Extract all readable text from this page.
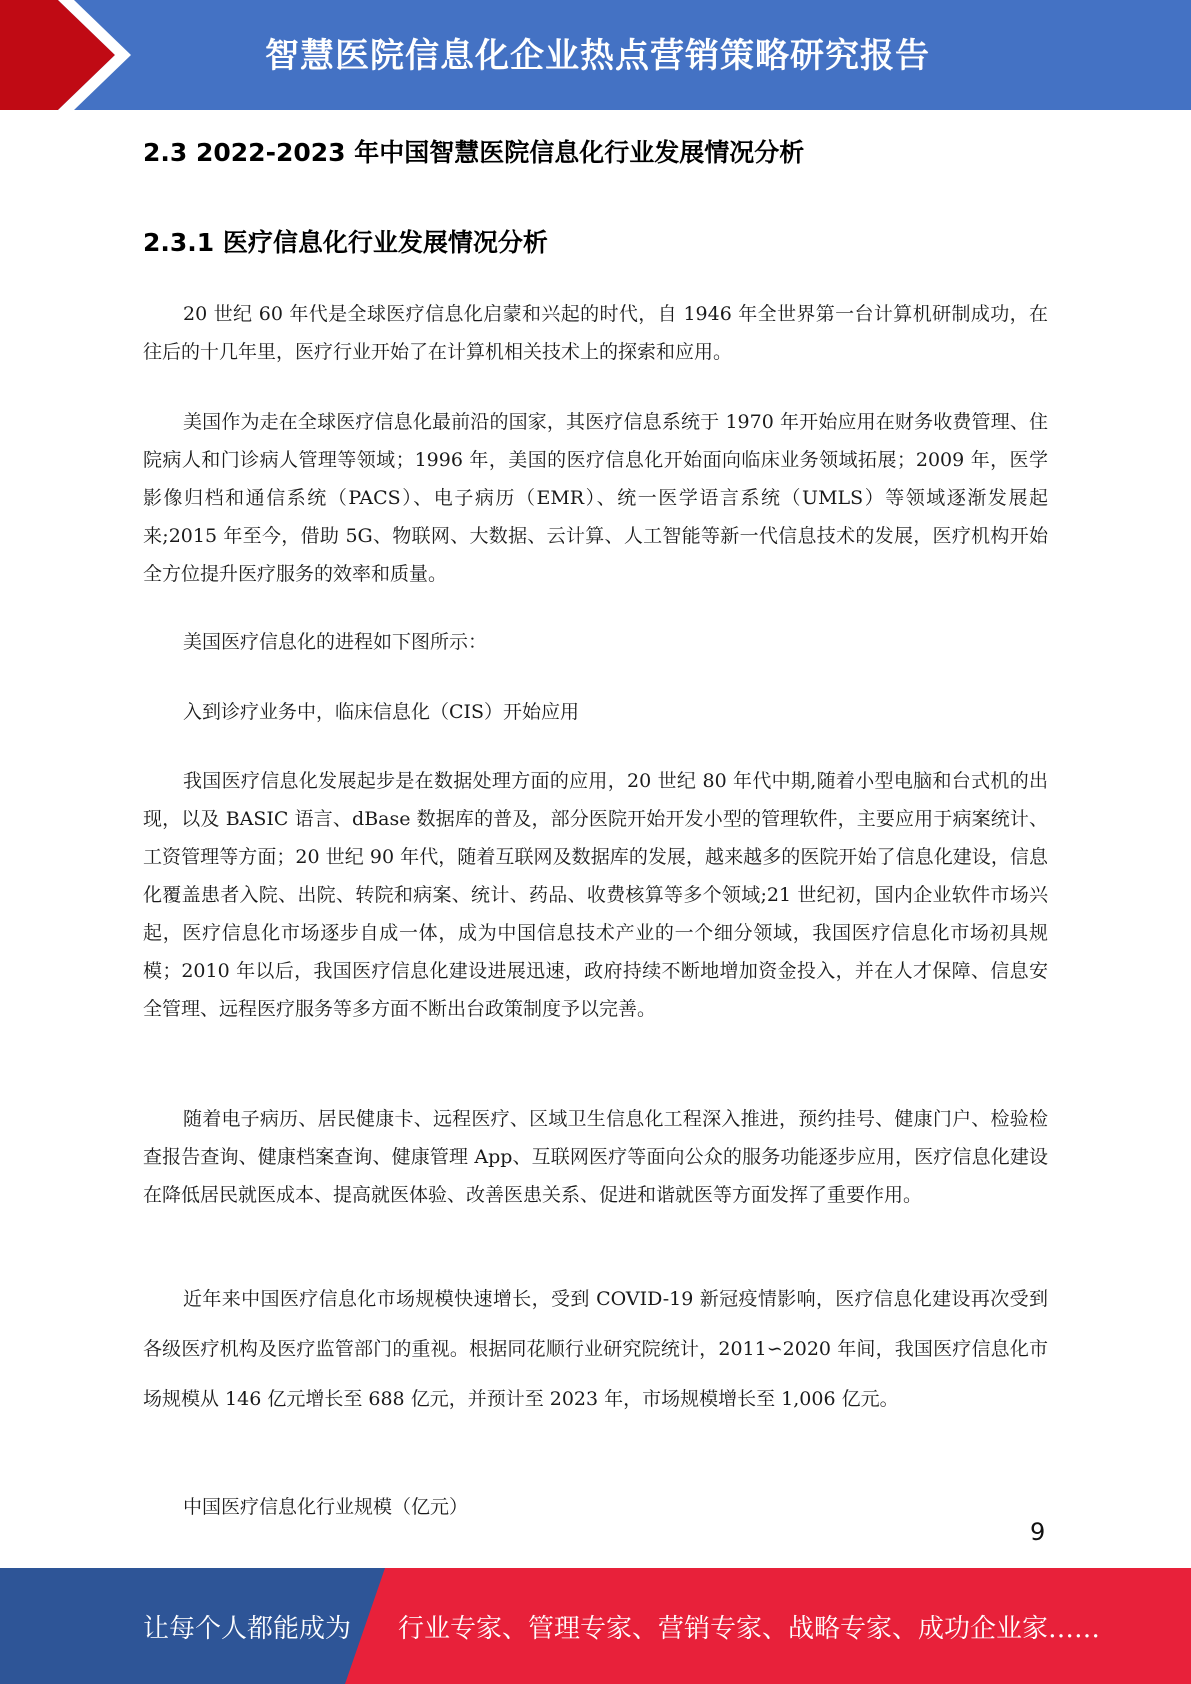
智慧医院信息化企业热点营销策略研究报告
2.3 2022-2023 年中国智慧医院信息化行业发展情况分析
2.3.1 医疗信息化行业发展情况分析

20 世纪 60 年代是全球医疗信息化启蒙和兴起的时代，自 1946 年全世界第一台计算机研制成功，在往后的十几年里，医疗行业开始了在计算机相关技术上的探索和应用。

美国作为走在全球医疗信息化最前沿的国家，其医疗信息系统于 1970 年开始应用在财务收费管理、住院病人和门诊病人管理等领域；1996 年，美国的医疗信息化开始面向临床业务领域拓展；2009 年，医学影像归档和通信系统（PACS）、电子病历（EMR）、统一医学语言系统（UMLS）等领域逐渐发展起来;2015 年至今，借助 5G、物联网、大数据、云计算、人工智能等新一代信息技术的发展，医疗机构开始全方位提升医疗服务的效率和质量。

美国医疗信息化的进程如下图所示：

入到诊疗业务中，临床信息化（CIS）开始应用

我国医疗信息化发展起步是在数据处理方面的应用，20 世纪 80 年代中期,随着小型电脑和台式机的出现，以及 BASIC 语言、dBase 数据库的普及，部分医院开始开发小型的管理软件，主要应用于病案统计、工资管理等方面；20 世纪 90 年代，随着互联网及数据库的发展，越来越多的医院开始了信息化建设，信息化覆盖患者入院、出院、转院和病案、统计、药品、收费核算等多个领域;21 世纪初，国内企业软件市场兴起，医疗信息化市场逐步自成一体，成为中国信息技术产业的一个细分领域，我国医疗信息化市场初具规模；2010 年以后，我国医疗信息化建设进展迅速，政府持续不断地增加资金投入，并在人才保障、信息安全管理、远程医疗服务等多方面不断出台政策制度予以完善。

随着电子病历、居民健康卡、远程医疗、区域卫生信息化工程深入推进，预约挂号、健康门户、检验检查报告查询、健康档案查询、健康管理 App、互联网医疗等面向公众的服务功能逐步应用，医疗信息化建设在降低居民就医成本、提高就医体验、改善医患关系、促进和谐就医等方面发挥了重要作用。

近年来中国医疗信息化市场规模快速增长，受到 COVID-19 新冠疫情影响，医疗信息化建设再次受到各级医疗机构及医疗监管部门的重视。根据同花顺行业研究院统计，2011∽2020 年间，我国医疗信息化市场规模从 146 亿元增长至 688 亿元，并预计至 2023 年，市场规模增长至 1,006 亿元。

中国医疗信息化行业规模（亿元）

9
让每个人都能成为 行业专家、管理专家、营销专家、战略专家、成功企业家……
